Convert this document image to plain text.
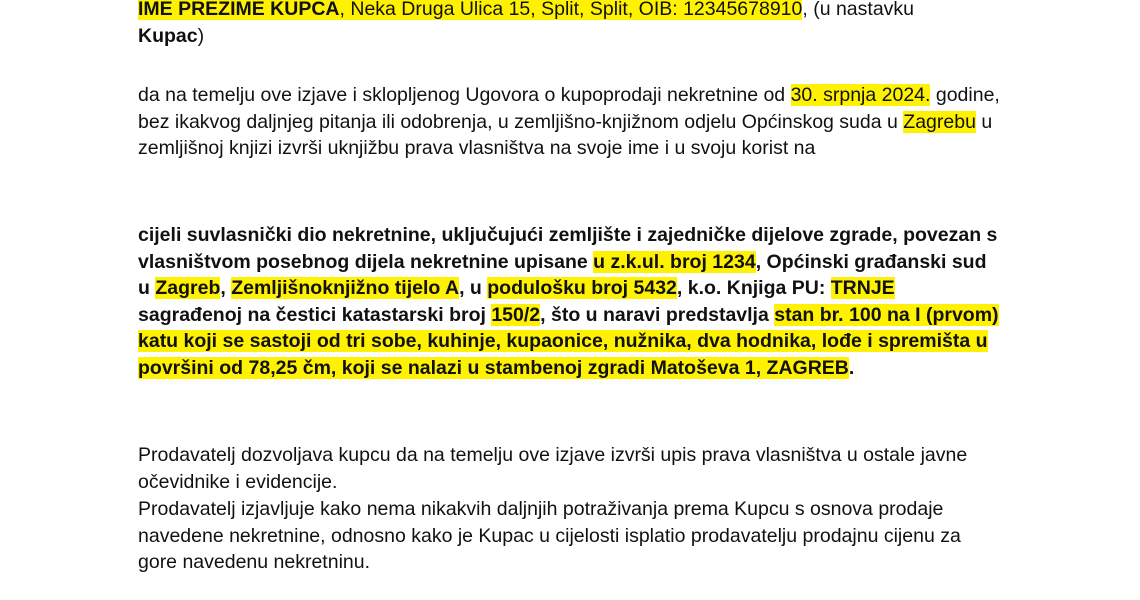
IME PREZIME KUPCA, Neka Druga Ulica 15, Split, Split, OIB: 12345678910, (u nastavku
Kupac)

da na temelju ove izjave i sklopljenog Ugovora o kupoprodaji nekretnine od 30. srpnja 2024. godine, bez ikakvog daljnjeg pitanja ili odobrenja, u zemljišno-knjižnom odjelu Općinskog suda u Zagrebu u zemljišnoj knjizi izvrši uknjižbu prava vlasništva na svoje ime i u svoju korist na

cijeli suvlasnički dio nekretnine, uključujući zemljište i zajedničke dijelove zgrade, povezan s vlasništvom posebnog dijela nekretnine upisane u z.k.ul. broj 1234, Općinski građanski sud u Zagreb, Zemljišnoknjižno tijelo A, u podulošku broj 5432, k.o. Knjiga PU: TRNJE sagrađenoj na čestici katastarski broj 150/2, što u naravi predstavlja stan br. 100 na I (prvom) katu koji se sastoji od tri sobe, kuhinje, kupaonice, nužnika, dva hodnika, lođe i spremišta u površini od 78,25 čm, koji se nalazi u stambenoj zgradi Matoševa 1, ZAGREB.

Prodavatelj dozvoljava kupcu da na temelju ove izjave izvrši upis prava vlasništva u ostale javne očevidnike i evidencije.

Prodavatelj izjavljuje kako nema nikakvih daljnjih potraživanja prema Kupcu s osnova prodaje navedene nekretnine, odnosno kako je Kupac u cijelosti isplatio prodavatelju prodajnu cijenu za gore navedenu nekretninu.
